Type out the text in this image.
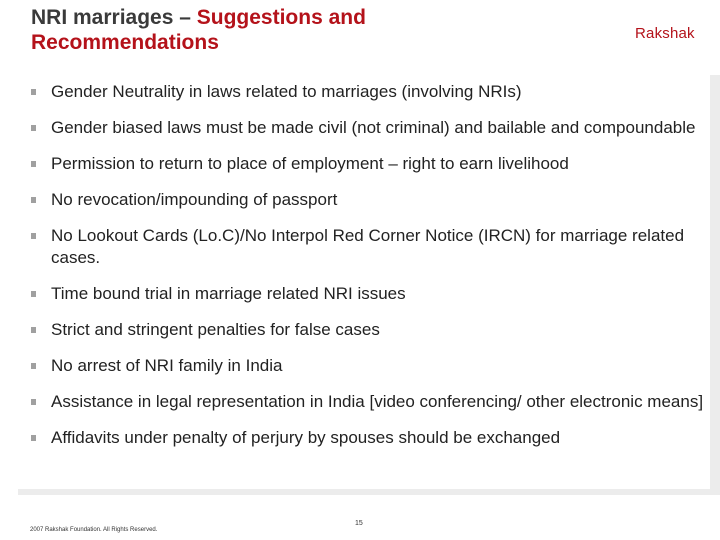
NRI marriages – Suggestions and Recommendations	Rakshak
Gender Neutrality in laws related to marriages (involving NRIs)
Gender biased laws must be made civil (not criminal) and bailable and compoundable
Permission to return to place of employment – right to earn livelihood
No revocation/impounding of passport
No Lookout Cards (Lo.C)/No Interpol Red Corner Notice (IRCN) for marriage related cases.
Time bound trial in marriage related NRI issues
Strict and stringent penalties for false cases
No arrest of NRI family in India
Assistance in legal representation in India [video conferencing/ other electronic means]
Affidavits under penalty of perjury by spouses should be exchanged
2007 Rakshak Foundation. All Rights Reserved.
15
